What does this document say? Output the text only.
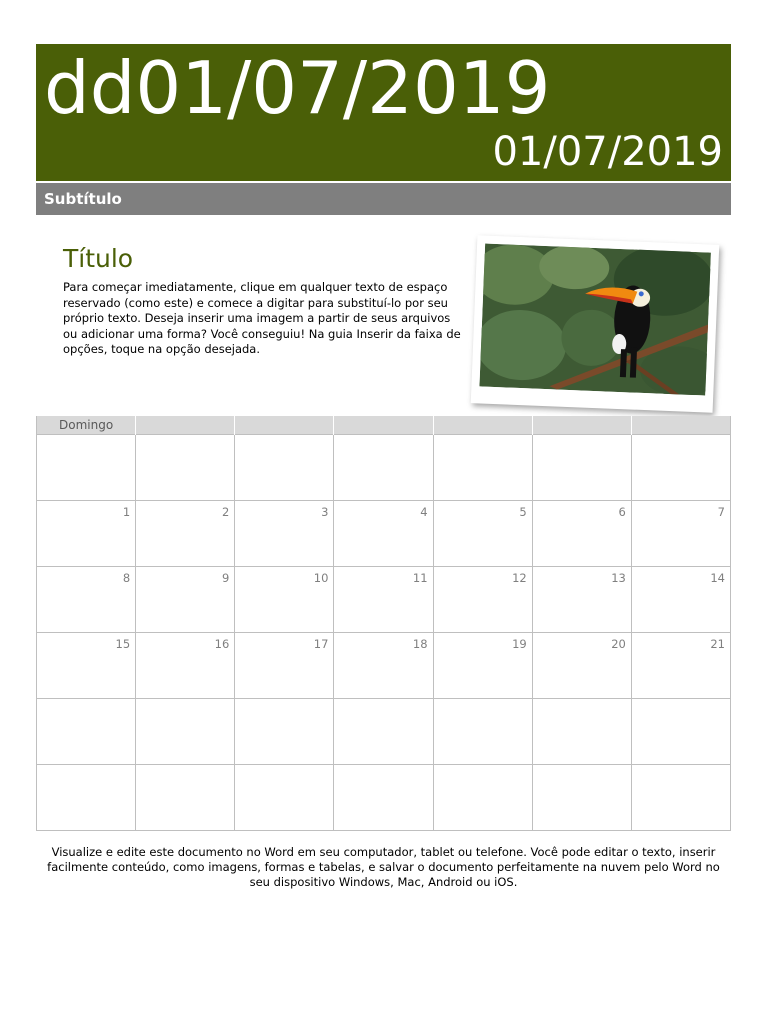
dd01/07/2019
01/07/2019
Subtítulo
Título
Para começar imediatamente, clique em qualquer texto de espaço reservado (como este) e comece a digitar para substituí-lo por seu próprio texto. Deseja inserir uma imagem a partir de seus arquivos ou adicionar uma forma? Você conseguiu! Na guia Inserir da faixa de opções, toque na opção desejada.
Domingo						

1	2	3	4	5	6	7
8	9	10	11	12	13	14
15	16	17	18	19	20	21

Visualize e edite este documento no Word em seu computador, tablet ou telefone. Você pode editar o texto, inserir facilmente conteúdo, como imagens, formas e tabelas, e salvar o documento perfeitamente na nuvem pelo Word no seu dispositivo Windows, Mac, Android ou iOS.
